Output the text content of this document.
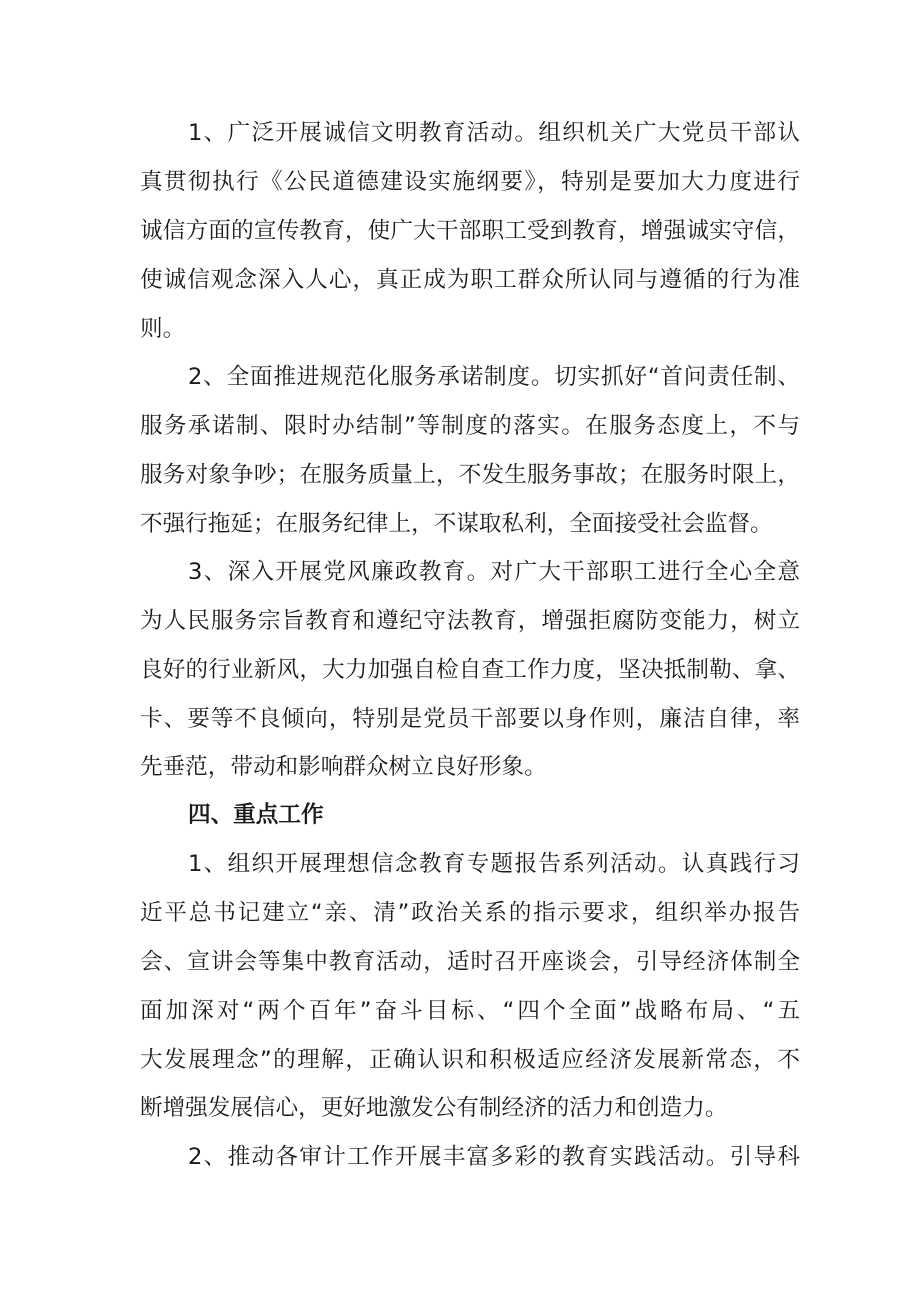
1、广泛开展诚信文明教育活动。组织机关广大党员干部认
真贯彻执行《公民道德建设实施纲要》，特别是要加大力度进行
诚信方面的宣传教育，使广大干部职工受到教育，增强诚实守信，
使诚信观念深入人心，真正成为职工群众所认同与遵循的行为准
则。
2、全面推进规范化服务承诺制度。切实抓好“首问责任制、
服务承诺制、限时办结制”等制度的落实。在服务态度上，不与
服务对象争吵；在服务质量上，不发生服务事故；在服务时限上，
不强行拖延；在服务纪律上，不谋取私利，全面接受社会监督。
3、深入开展党风廉政教育。对广大干部职工进行全心全意
为人民服务宗旨教育和遵纪守法教育，增强拒腐防变能力，树立
良好的行业新风，大力加强自检自查工作力度，坚决抵制勒、拿、
卡、要等不良倾向，特别是党员干部要以身作则，廉洁自律，率
先垂范，带动和影响群众树立良好形象。
四、重点工作
1、组织开展理想信念教育专题报告系列活动。认真践行习
近平总书记建立“亲、清”政治关系的指示要求，组织举办报告
会、宣讲会等集中教育活动，适时召开座谈会，引导经济体制全
面加深对“两个百年”奋斗目标、“四个全面”战略布局、“五
大发展理念”的理解，正确认识和积极适应经济发展新常态，不
断增强发展信心，更好地激发公有制经济的活力和创造力。
2、推动各审计工作开展丰富多彩的教育实践活动。引导科
